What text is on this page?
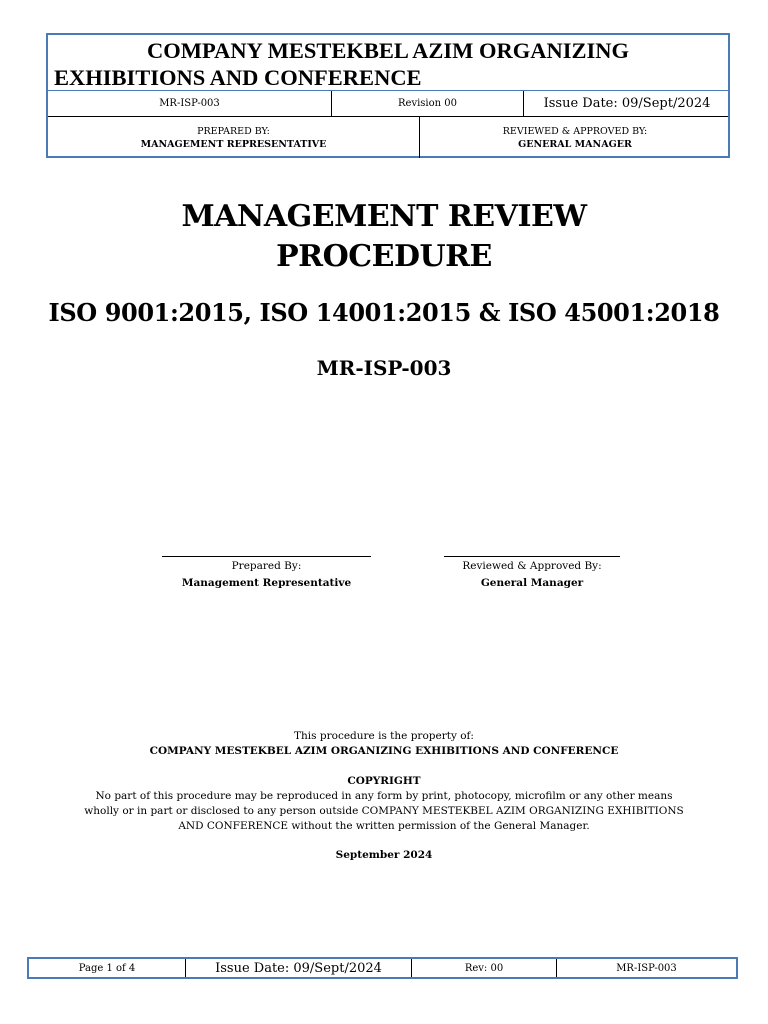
COMPANY MESTEKBEL AZIM ORGANIZING
EXHIBITIONS AND CONFERENCE
MR-ISP-003	Revision 00	Issue Date: 09/Sept/2024
PREPARED BY:
MANAGEMENT REPRESENTATIVE
REVIEWED & APPROVED BY:
GENERAL MANAGER
MANAGEMENT REVIEW
PROCEDURE
ISO 9001:2015, ISO 14001:2015 & ISO 45001:2018
MR-ISP-003
Prepared By:
Management Representative
Reviewed & Approved By:
General Manager
This procedure is the property of:
COMPANY MESTEKBEL AZIM ORGANIZING EXHIBITIONS AND CONFERENCE
COPYRIGHT
No part of this procedure may be reproduced in any form by print, photocopy, microfilm or any other means
wholly or in part or disclosed to any person outside COMPANY MESTEKBEL AZIM ORGANIZING EXHIBITIONS
AND CONFERENCE without the written permission of the General Manager.
September 2024
Page 1 of 4	Issue Date: 09/Sept/2024	Rev: 00	MR-ISP-003
